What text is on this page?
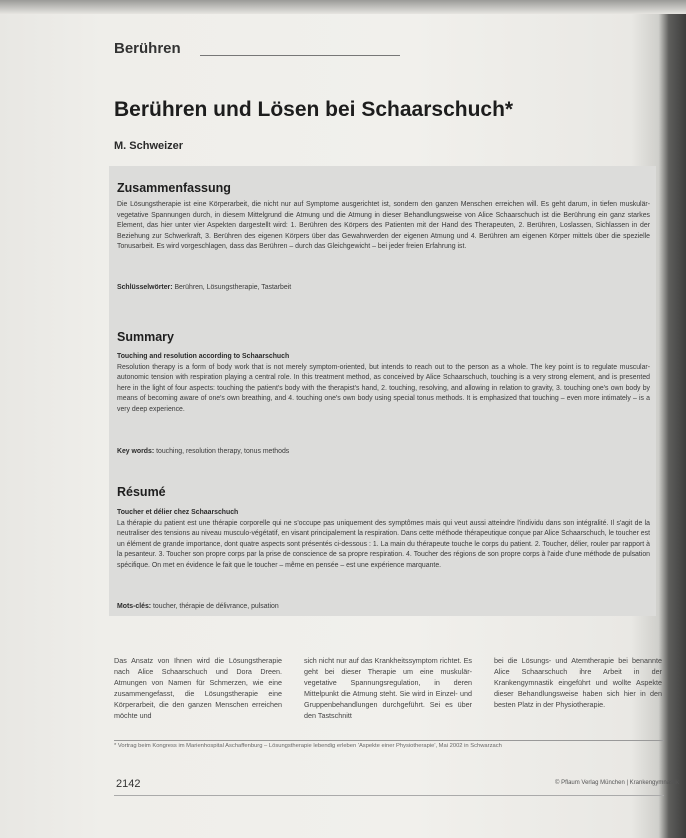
Berühren
Berühren und Lösen bei Schaarschuch*
M. Schweizer
Zusammenfassung
Die Lösungstherapie ist eine Körperarbeit, die nicht nur auf Symptome ausgerichtet ist, sondern den ganzen Menschen erreichen will. Es geht darum, in tiefen muskulär-vegetative Spannungen durch, in diesem Mittelgrund die Atmung und die Atmung in dieser Behandlungsweise von Alice Schaarschuch ist die Berührung ein ganz starkes Element, das hier unter vier Aspekten dargestellt wird: 1. Berühren des Körpers des Patienten mit der Hand des Therapeuten, 2. Berühren, Loslassen, Sichlassen in der Beziehung zur Schwerkraft, 3. Berühren des eigenen Körpers über das Gewahrwerden der eigenen Atmung und 4. Berühren am eigenen Körper mittels über die spezielle Tonusarbeit. Es wird vorgeschlagen, dass das Berühren – durch das Gleichgewicht – bei jeder freien Erfahrung ist.
Schlüsselwörter: Berühren, Lösungstherapie, Tastarbeit
Summary
Touching and resolution according to Schaarschuch
Resolution therapy is a form of body work that is not merely symptom-oriented, but intends to reach out to the person as a whole. The key point is to regulate muscular-autonomic tension with respiration playing a central role. In this treatment method, as conceived by Alice Schaarschuch, touching is a very strong element, and is presented here in the light of four aspects: touching the patient's body with the therapist's hand, 2. touching, resolving, and allowing in relation to gravity, 3. touching one's own body by means of becoming aware of one's own breathing, and 4. touching one's own body using special tonus methods. It is emphasized that touching – even more intimately – is a very deep experience.
Key words: touching, resolution therapy, tonus methods
Résumé
Toucher et délier chez Schaarschuch
La thérapie du patient est une thérapie corporelle qui ne s'occupe pas uniquement des symptômes mais qui veut aussi atteindre l'individu dans son intégralité. Il s'agit de la neutraliser des tensions au niveau musculo-végétatif, en visant principalement la respiration. Dans cette méthode thérapeutique conçue par Alice Schaarschuch, le toucher est un élément de grande importance, dont quatre aspects sont présentés ci-dessous : 1. La main du thérapeute touche le corps du patient. 2. Toucher, délier, rouler par rapport à la pesanteur. 3. Toucher son propre corps par la prise de conscience de sa propre respiration. 4. Toucher des régions de son propre corps à l'aide d'une méthode de pulsation spécifique. On met en évidence le fait que le toucher – même en pensée – est une expérience marquante.
Mots-clés: toucher, thérapie de délivrance, pulsation
Das Ansatz von Ihnen wird die Lösungstherapie nach Alice Schaarschuch und Dora Dreen. Atmungen von Namen für Schmerzen, wie eine zusammengefasst, die Lösungstherapie eine Körperarbeit, die den ganzen Menschen erreichen möchte und
sich nicht nur auf das Krankheitssymptom richtet. Es geht bei dieser Therapie um eine muskulär-vegetative Spannungsregulation, in deren Mittelpunkt die Atmung steht. Sie wird in Einzel- und Gruppenbehandlungen durchgeführt. Sei es über den Tastschnitt
bei die Lösungs- und Atemtherapie bei benannte Alice Schaarschuch ihre Arbeit in der Krankengymnastik eingeführt und wollte Aspekte dieser Behandlungsweise haben sich hier in den besten Platz in der Physiotherapie.
* Vortrag beim Kongress im Marienhospital Aschaffenburg – Lösungstherapie lebendig erleben 'Aspekte einer Physiotherapie', Mai 2002 in Schwarzach
2142	© Pflaum Verlag München | Krankengymnastik
